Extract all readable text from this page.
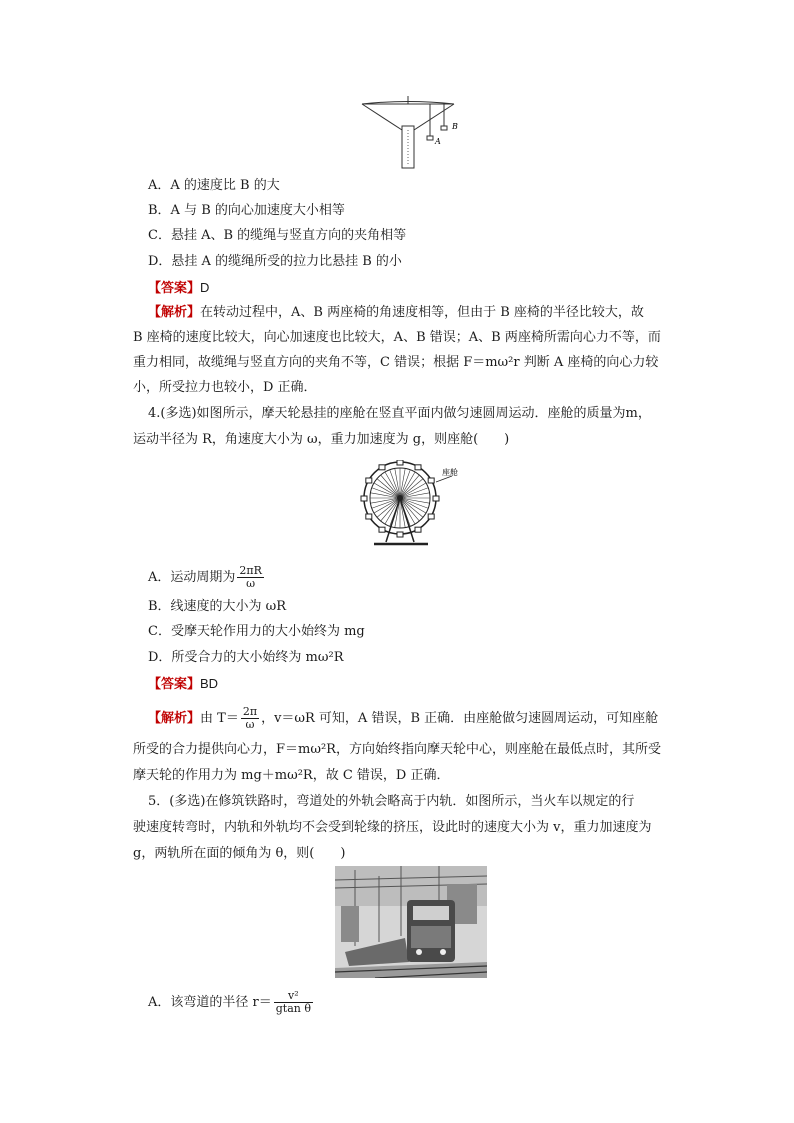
A
B
A．A 的速度比 B 的大
B．A 与 B 的向心加速度大小相等
C．悬挂 A、B 的缆绳与竖直方向的夹角相等
D．悬挂 A 的缆绳所受的拉力比悬挂 B 的小
【答案】D
【解析】在转动过程中，A、B 两座椅的角速度相等，但由于 B 座椅的半径比较大，故
B 座椅的速度比较大，向心加速度也比较大，A、B 错误；A、B 两座椅所需向心力不等，而
重力相同，故缆绳与竖直方向的夹角不等，C 错误；根据 F＝mω²r 判断 A 座椅的向心力较
小，所受拉力也较小，D 正确．
4.(多选)如图所示，摩天轮悬挂的座舱在竖直平面内做匀速圆周运动．座舱的质量为m，
运动半径为 R，角速度大小为 ω，重力加速度为 g，则座舱(　　)
座舱
A．运动周期为 $\frac{2\pi R}{\omega}$
B．线速度的大小为 ωR
C．受摩天轮作用力的大小始终为 mg
D．所受合力的大小始终为 mω²R
【答案】BD
【解析】由 $T= \frac{2\pi}{\omega}$ ，v＝ωR 可知，A 错误，B 正确．由座舱做匀速圆周运动，可知座舱
所受的合力提供向心力，F＝mω²R，方向始终指向摩天轮中心，则座舱在最低点时，其所受
摩天轮的作用力为 mg＋mω²R，故 C 错误，D 正确．
5．(多选)在修筑铁路时，弯道处的外轨会略高于内轨．如图所示，当火车以规定的行
驶速度转弯时，内轨和外轨均不会受到轮缘的挤压，设此时的速度大小为 v，重力加速度为
g，两轨所在面的倾角为 θ，则(　　)
A．该弯道的半径 $r= \frac{\text{v²}}{\text{gtan θ}}$
